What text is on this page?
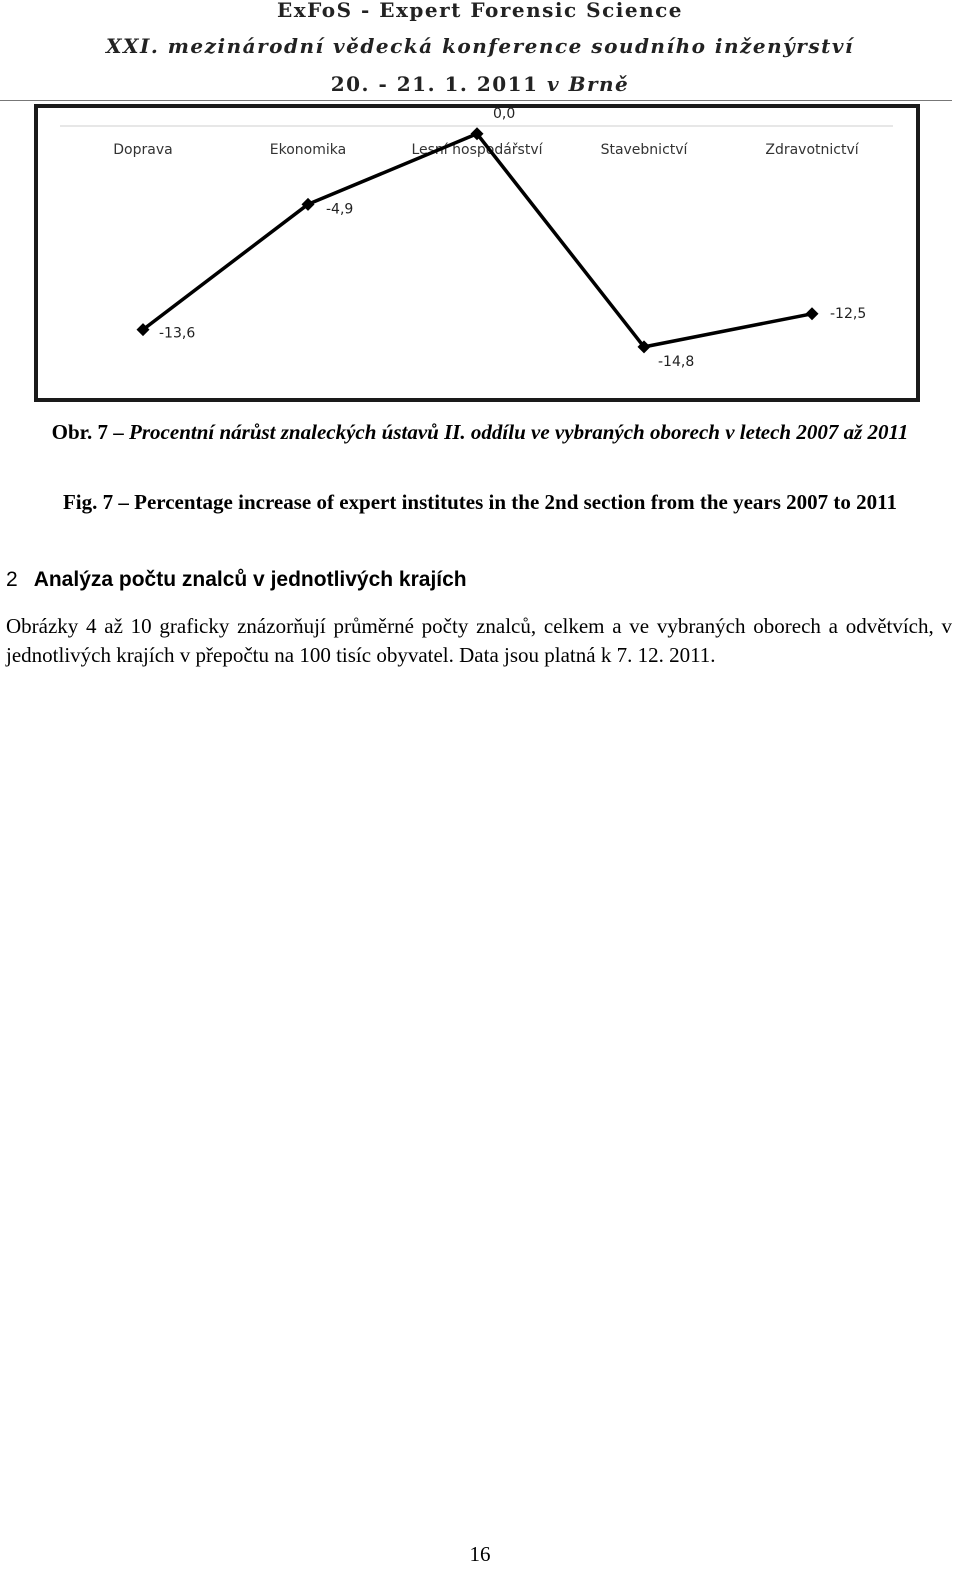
ExFoS - Expert Forensic Science
XXI. mezinárodní vědecká konference soudního inženýrství
20. - 21. 1. 2011 v Brně
Doprava	Ekonomika	Lesní hospodářství	Stavebnictví	Zdravotnictví
-13,6
-4,9
0,0
-14,8
-12,5
Obr. 7 – Procentní nárůst znaleckých ústavů II. oddílu ve vybraných oborech v letech 2007 až 2011
Fig. 7 – Percentage increase of expert institutes in the 2nd section from the years 2007 to 2011
2 Analýza počtu znalců v jednotlivých krajích
Obrázky 4 až 10 graficky znázorňují průměrné počty znalců, celkem a ve vybraných oborech a odvětvích, v jednotlivých krajích v přepočtu na 100 tisíc obyvatel. Data jsou platná k 7. 12. 2011.
16
